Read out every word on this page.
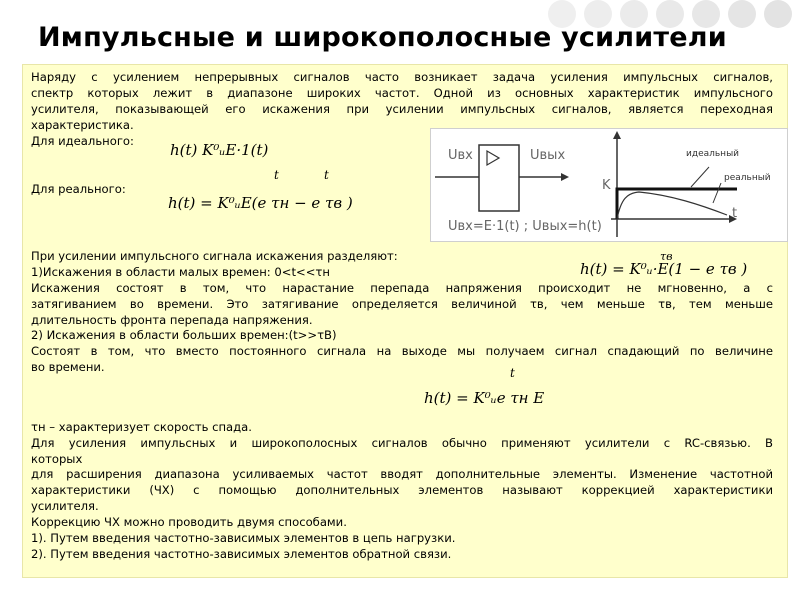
Импульсные и широкополосные усилители
Наряду с усилением непрерывных сигналов часто возникает задача усиления импульсных сигналов,
спектр которых лежит в диапазоне широких частот. Одной из основных характеристик импульсного
усилителя, показывающей его искажения при усилении импульсных сигналов, является переходная
характеристика.
Для идеального: h(t) K⁰ᵤE·1(t)
Для реального:
t	t
h(t) = K⁰ᵤE(e τн − e τв )
Uвх	Uвых
K
идеальный
реальный
t
Uвх=E·1(t) ; Uвых=h(t)
При усилении импульсного сигнала искажения разделяют:
1)Искажения в области малых времен: 0<t<<τн
τв
h(t) = K⁰ᵤ·E(1 − e τв )
Искажения состоят в том, что нарастание перепада напряжения происходит не мгновенно, а с
затягиванием во времени. Это затягивание определяется величиной τв, чем меньше τв, тем меньше
длительность фронта перепада напряжения.
2) Искажения в области больших времен:(t>>τB)
Состоят в том, что вместо постоянного сигнала на выходе мы получаем сигнал спадающий по величине
во времени.	t
h(t) = K⁰ᵤe τн E
τн – характеризует скорость спада.
Для усиления импульсных и широкополосных сигналов обычно применяют усилители с RC-связью. В
которых
для расширения диапазона усиливаемых частот вводят дополнительные элементы. Изменение частотной
характеристики (ЧХ) с помощью дополнительных элементов называют коррекцией характеристики
усилителя.
Коррекцию ЧХ можно проводить двумя способами.
1). Путем введения частотно-зависимых элементов в цепь нагрузки.
2). Путем введения частотно-зависимых элементов обратной связи.
